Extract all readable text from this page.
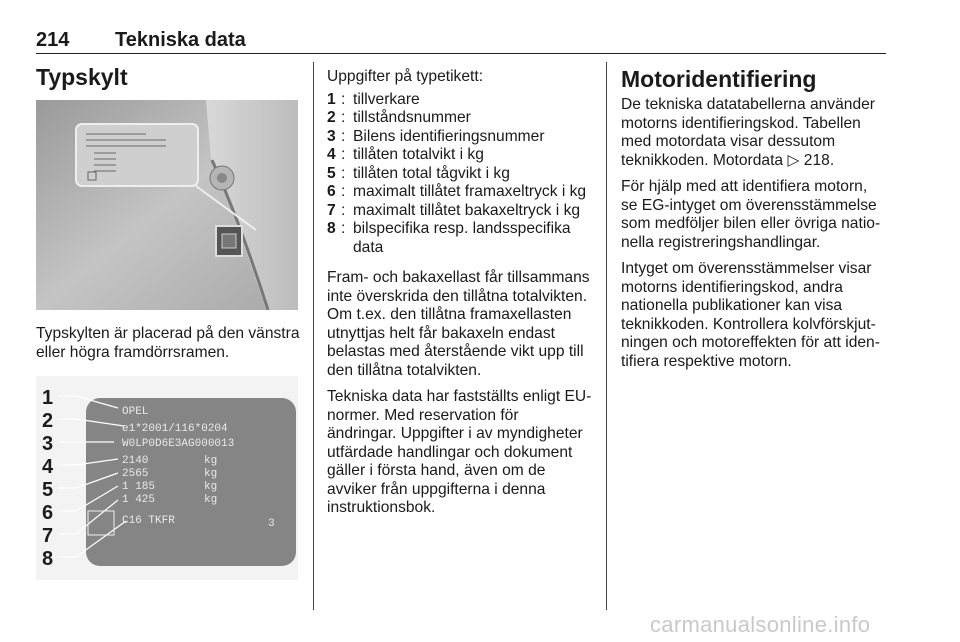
214 Tekniska data
Typskylt

Typskylten är placerad på den vänstra eller högra framdörrsramen.

1
2
3
4
5
6
7
8
OPEL
e1*2001/116*0204
W0LP0D6E3AG000013
2140
2565
1 185
1 425
kg
kg
kg
kg
C16 TKFR	3

Uppgifter på typetikett:

1 : tillverkare
2 : tillståndsnummer
3 : Bilens identifieringsnummer
4 : tillåten totalvikt i kg
5 : tillåten total tågvikt i kg
6 : maximalt tillåtet framaxeltryck i kg
7 : maximalt tillåtet bakaxeltryck i kg
8 : bilspecifika resp. landsspecifika data

Fram- och bakaxellast får tillsammans inte överskrida den tillåtna totalvikten. Om t.ex. den tillåtna framaxellasten utnyttjas helt får bakaxeln endast belastas med återstående vikt upp till den tillåtna totalvikten.

Tekniska data har fastställts enligt EU-normer. Med reservation för ändringar. Uppgifter i av myndigheter utfärdade handlingar och dokument gäller i första hand, även om de avviker från uppgifterna i denna instruktionsbok.

Motoridentifiering

De tekniska datatabellerna använder motorns identifieringskod. Tabellen med motordata visar dessutom teknikkoden. Motordata ▷ 218.

För hjälp med att identifiera motorn, se EG-intyget om överensstämmelse som medföljer bilen eller övriga nationella registreringshandlingar.

Intyget om överensstämmelser visar motorns identifieringskod, andra nationella publikationer kan visa teknikkoden. Kontrollera kolvförskjutningen och motoreffekten för att identifiera respektive motorn.

carmanualsonline.info
